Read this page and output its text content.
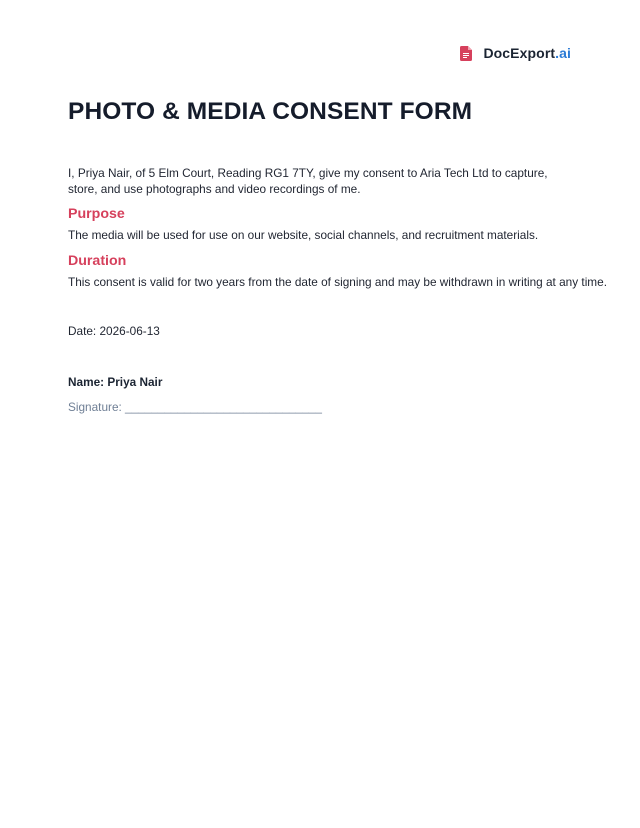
DocExport.ai
PHOTO & MEDIA CONSENT FORM

I, Priya Nair, of 5 Elm Court, Reading RG1 7TY, give my consent to Aria Tech Ltd to capture, store, and use photographs and video recordings of me.

Purpose

The media will be used for use on our website, social channels, and recruitment materials.

Duration

This consent is valid for two years from the date of signing and may be withdrawn in writing at any time.

Date: 2026-06-13

Name: Priya Nair

Signature: ______________________________
